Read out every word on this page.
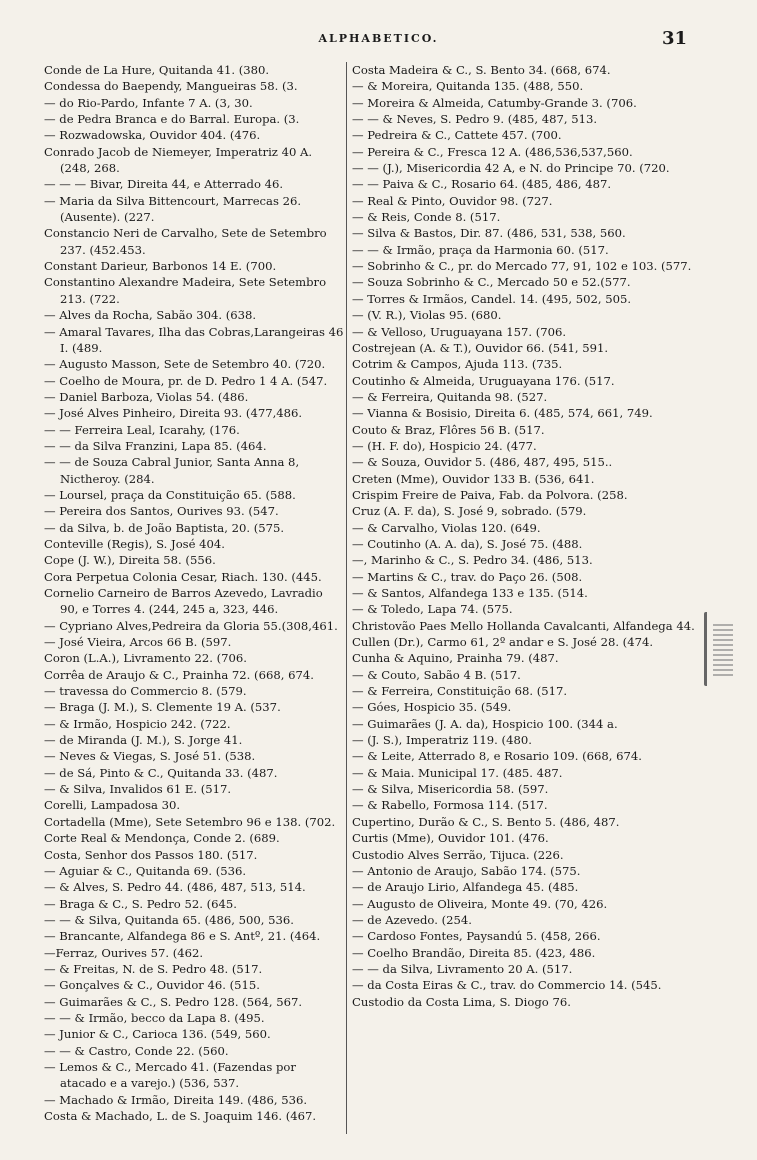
ALPHABETICO.	31
Conde de La Hure, Quitanda 41. (380.
Condessa do Baependy, Mangueiras 58. (3.
— do Rio-Pardo, Infante 7 A. (3, 30.
— de Pedra Branca e do Barral. Europa. (3.
— Rozwadowska, Ouvidor 404. (476.
Conrado Jacob de Niemeyer, Imperatriz 40 A. (248, 268.
— — — Bivar, Direita 44, e Atterrado 46.
— Maria da Silva Bittencourt, Marrecas 26. (Ausente). (227.
Constancio Neri de Carvalho, Sete de Setembro 237. (452.453.
Constant Darieur, Barbonos 14 E. (700.
Constantino Alexandre Madeira, Sete Setembro 213. (722.
— Alves da Rocha, Sabão 304. (638.
— Amaral Tavares, Ilha das Cobras,Larangeiras 46 I. (489.
— Augusto Masson, Sete de Setembro 40. (720.
— Coelho de Moura, pr. de D. Pedro 1 4 A. (547.
— Daniel Barboza, Violas 54. (486.
— José Alves Pinheiro, Direita 93. (477,486.
— — Ferreira Leal, Icarahy, (176.
— — da Silva Franzini, Lapa 85. (464.
— — de Souza Cabral Junior, Santa Anna 8, Nictheroy. (284.
— Loursel, praça da Constituição 65. (588.
— Pereira dos Santos, Ourives 93. (547.
— da Silva, b. de João Baptista, 20. (575.
Conteville (Regis), S. José 404.
Cope (J. W.), Direita 58. (556.
Cora Perpetua Colonia Cesar, Riach. 130. (445.
Cornelio Carneiro de Barros Azevedo, Lavradio 90, e Torres 4. (244, 245 a, 323, 446.
— Cypriano Alves,Pedreira da Gloria 55.(308,461.
— José Vieira, Arcos 66 B. (597.
Coron (L.A.), Livramento 22. (706.
Corrêa de Araujo & C., Prainha 72. (668, 674.
— travessa do Commercio 8. (579.
— Braga (J. M.), S. Clemente 19 A. (537.
— & Irmão, Hospicio 242. (722.
— de Miranda (J. M.), S. Jorge 41.
— Neves & Viegas, S. José 51. (538.
— de Sá, Pinto & C., Quitanda 33. (487.
— & Silva, Invalidos 61 E. (517.
Corelli, Lampadosa 30.
Cortadella (Mme), Sete Setembro 96 e 138. (702.
Corte Real & Mendonça, Conde 2. (689.
Costa, Senhor dos Passos 180. (517.
— Aguiar & C., Quitanda 69. (536.
— & Alves, S. Pedro 44. (486, 487, 513, 514.
— Braga & C., S. Pedro 52. (645.
— — & Silva, Quitanda 65. (486, 500, 536.
— Brancante, Alfandega 86 e S. Antº, 21. (464.
—Ferraz, Ourives 57. (462.
— & Freitas, N. de S. Pedro 48. (517.
— Gonçalves & C., Ouvidor 46. (515.
— Guimarães & C., S. Pedro 128. (564, 567.
— — & Irmão, becco da Lapa 8. (495.
— Junior & C., Carioca 136. (549, 560.
— — & Castro, Conde 22. (560.
— Lemos & C., Mercado 41. (Fazendas por atacado e a varejo.) (536, 537.
— Machado & Irmão, Direita 149. (486, 536.
Costa & Machado, L. de S. Joaquim 146. (467.
Costa Madeira & C., S. Bento 34. (668, 674.
— & Moreira, Quitanda 135. (488, 550.
— Moreira & Almeida, Catumby-Grande 3. (706.
— — & Neves, S. Pedro 9. (485, 487, 513.
— Pedreira & C., Cattete 457. (700.
— Pereira & C., Fresca 12 A. (486,536,537,560.
— — (J.), Misericordia 42 A, e N. do Principe 70. (720.
— — Paiva & C., Rosario 64. (485, 486, 487.
— Real & Pinto, Ouvidor 98. (727.
— & Reis, Conde 8. (517.
— Silva & Bastos, Dir. 87. (486, 531, 538, 560.
— — & Irmão, praça da Harmonia 60. (517.
— Sobrinho & C., pr. do Mercado 77, 91, 102 e 103. (577.
— Souza Sobrinho & C., Mercado 50 e 52.(577.
— Torres & Irmãos, Candel. 14. (495, 502, 505.
— (V. R.), Violas 95. (680.
— & Velloso, Uruguayana 157. (706.
Costrejean (A. & T.), Ouvidor 66. (541, 591.
Cotrim & Campos, Ajuda 113. (735.
Coutinho & Almeida, Uruguayana 176. (517.
— & Ferreira, Quitanda 98. (527.
— Vianna & Bosisio, Direita 6. (485, 574, 661, 749.
Couto & Braz, Flôres 56 B. (517.
— (H. F. do), Hospicio 24. (477.
— & Souza, Ouvidor 5. (486, 487, 495, 515..
Creten (Mme), Ouvidor 133 B. (536, 641.
Crispim Freire de Paiva, Fab. da Polvora. (258.
Cruz (A. F. da), S. José 9, sobrado. (579.
— & Carvalho, Violas 120. (649.
— Coutinho (A. A. da), S. José 75. (488.
—, Marinho & C., S. Pedro 34. (486, 513.
— Martins & C., trav. do Paço 26. (508.
— & Santos, Alfandega 133 e 135. (514.
— & Toledo, Lapa 74. (575.
Christovão Paes Mello Hollanda Cavalcanti, Alfandega 44.
Cullen (Dr.), Carmo 61, 2º andar e S. José 28. (474.
Cunha & Aquino, Prainha 79. (487.
— & Couto, Sabão 4 B. (517.
— & Ferreira, Constituição 68. (517.
— Góes, Hospicio 35. (549.
— Guimarães (J. A. da), Hospicio 100. (344 a.
— (J. S.), Imperatriz 119. (480.
— & Leite, Atterrado 8, e Rosario 109. (668, 674.
— & Maia. Municipal 17. (485. 487.
— & Silva, Misericordia 58. (597.
— & Rabello, Formosa 114. (517.
Cupertino, Durão & C., S. Bento 5. (486, 487.
Curtis (Mme), Ouvidor 101. (476.
Custodio Alves Serrão, Tijuca. (226.
— Antonio de Araujo, Sabão 174. (575.
— de Araujo Lirio, Alfandega 45. (485.
— Augusto de Oliveira, Monte 49. (70, 426.
— de Azevedo. (254.
— Cardoso Fontes, Paysandú 5. (458, 266.
— Coelho Brandão, Direita 85. (423, 486.
— — da Silva, Livramento 20 A. (517.
— da Costa Eiras & C., trav. do Commercio 14. (545.
Custodio da Costa Lima, S. Diogo 76.
